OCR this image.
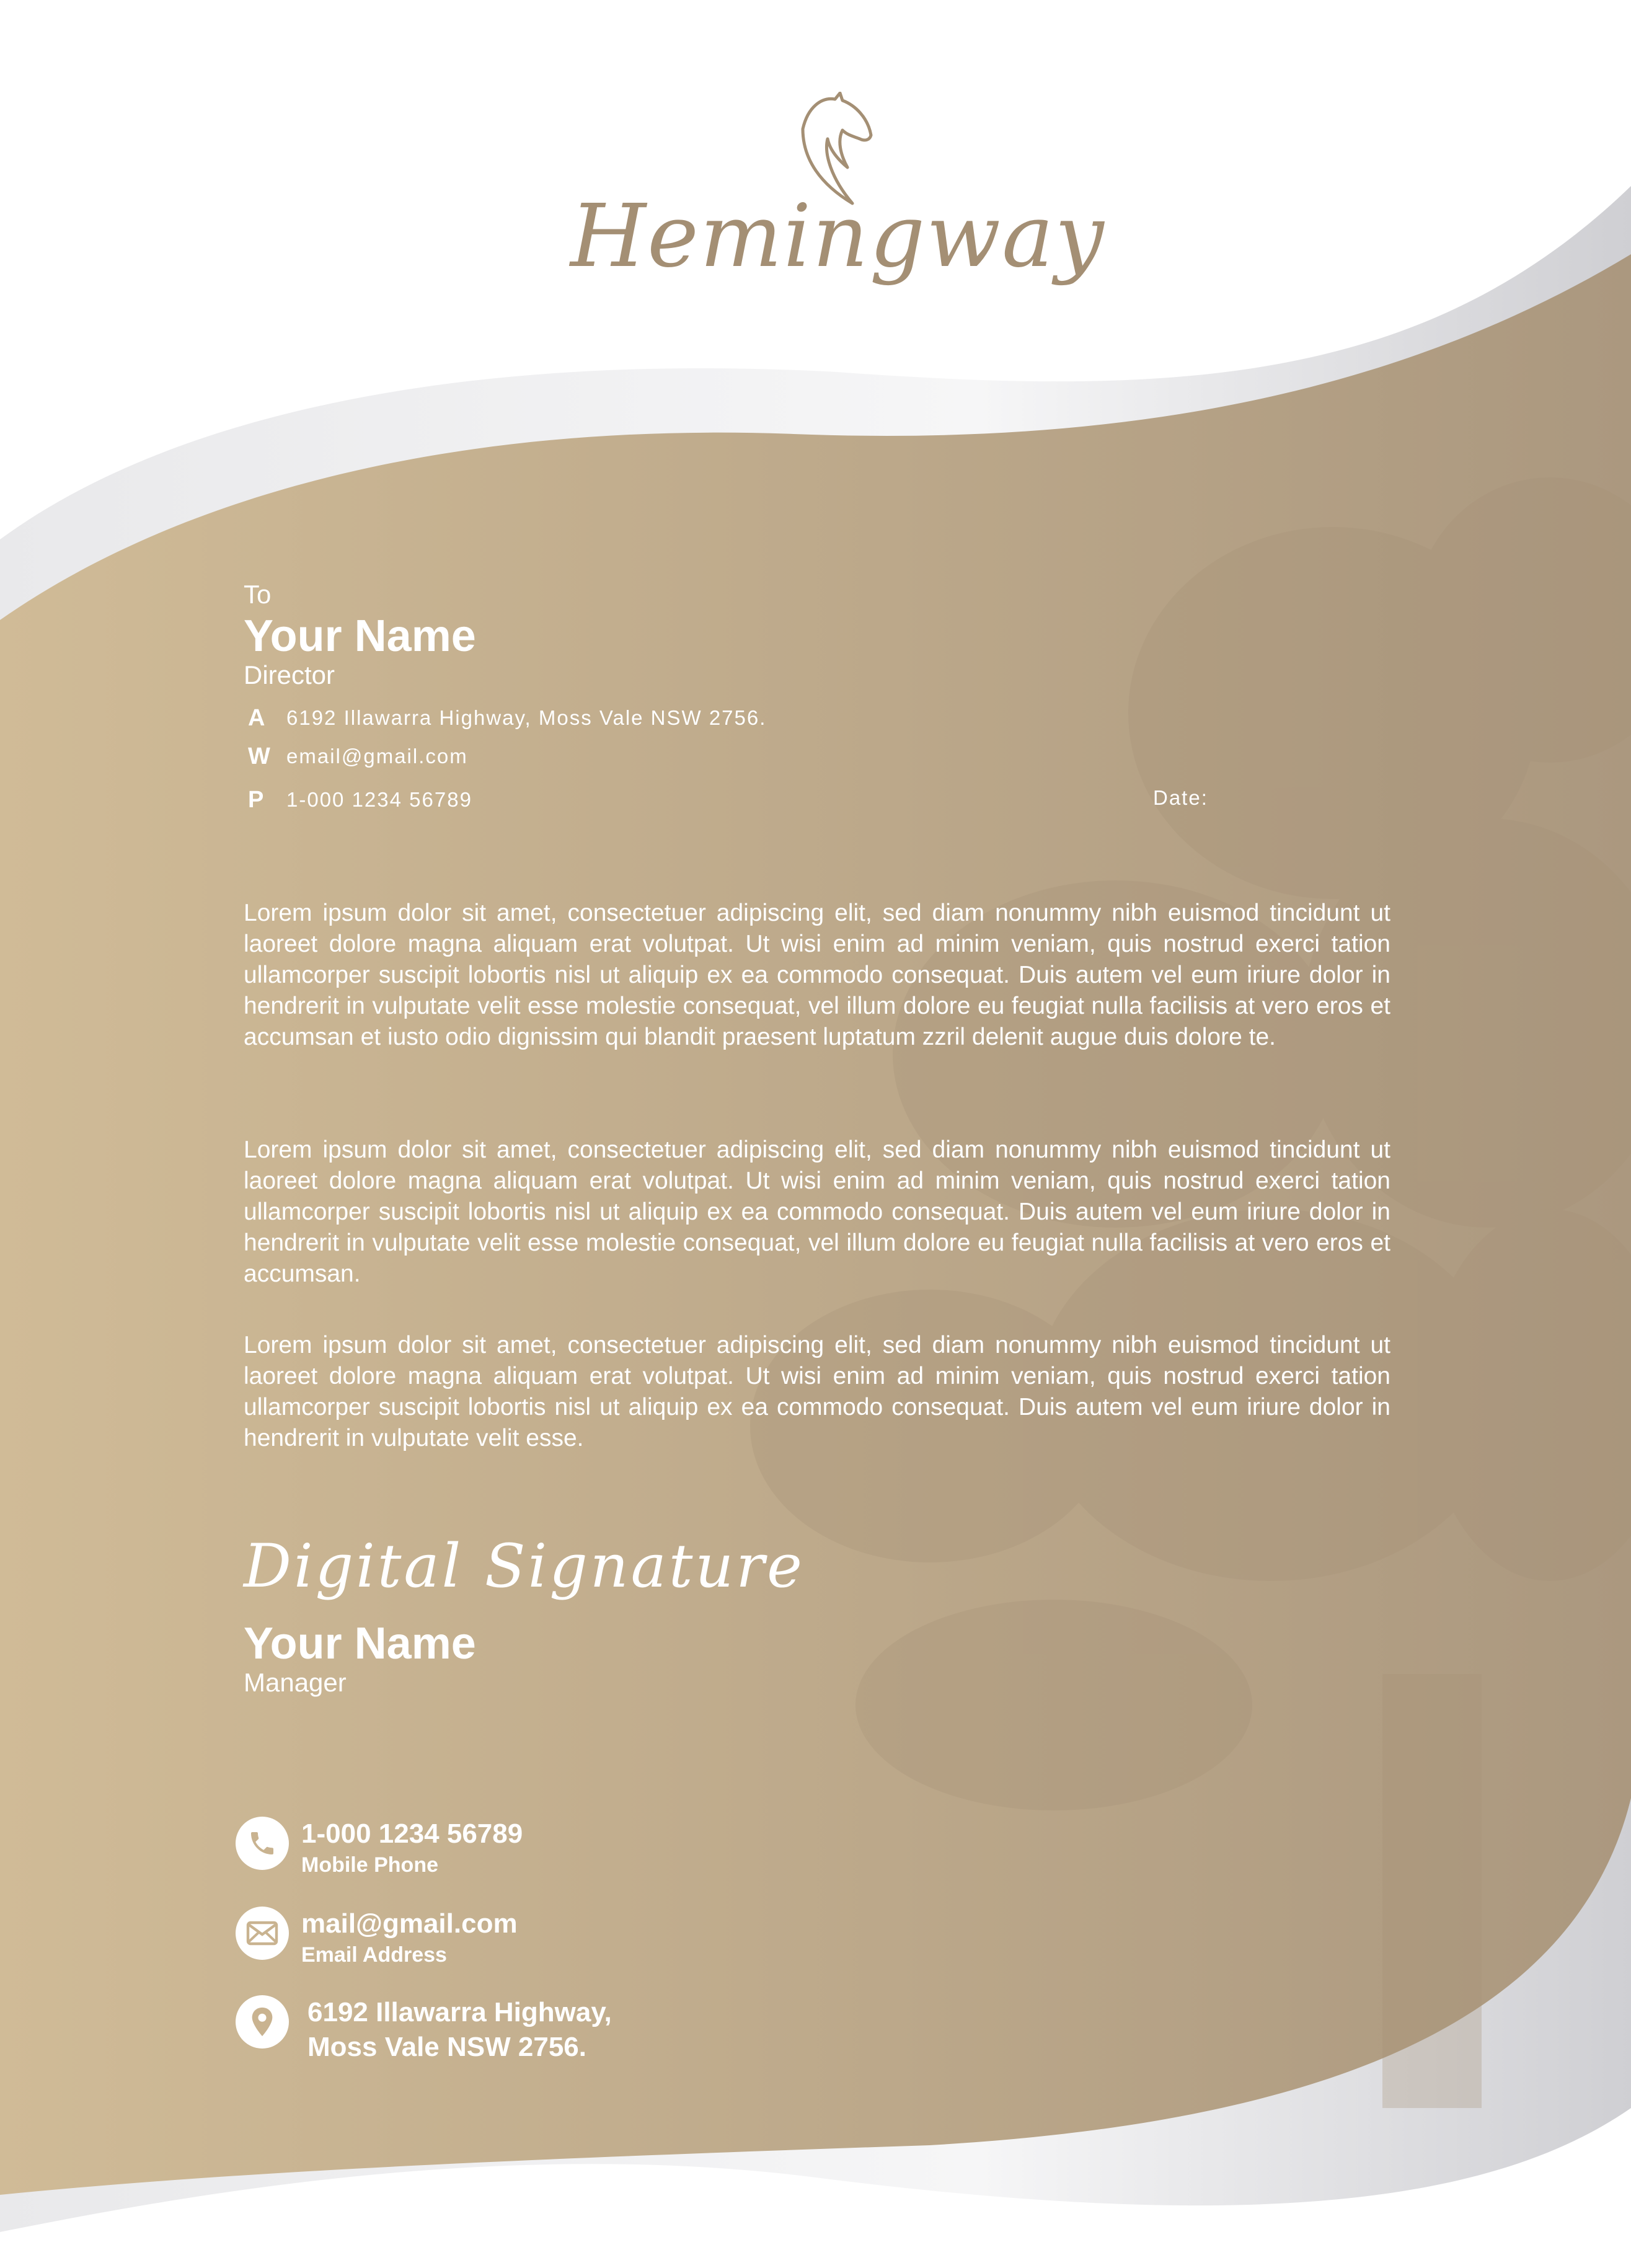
Hemingway
To
Your Name
Director
A	6192 Illawarra Highway, Moss Vale NSW 2756.
W email@gmail.com
P	1-000 1234 56789	Date:

Lorem ipsum dolor sit amet, consectetuer adipiscing elit, sed diam nonummy nibh euismod tincidunt ut laoreet dolore magna aliquam erat volutpat. Ut wisi enim ad minim veniam, quis nostrud exerci tation ullamcorper suscipit lobortis nisl ut aliquip ex ea commodo consequat. Duis autem vel eum iriure dolor in hendrerit in vulputate velit esse molestie consequat, vel illum dolore eu feugiat nulla facilisis at vero eros et accumsan et iusto odio dignissim qui blandit praesent luptatum zzril delenit augue duis dolore te.

Lorem ipsum dolor sit amet, consectetuer adipiscing elit, sed diam nonummy nibh euismod tincidunt ut laoreet dolore magna aliquam erat volutpat. Ut wisi enim ad minim veniam, quis nostrud exerci tation ullamcorper suscipit lobortis nisl ut aliquip ex ea commodo consequat. Duis autem vel eum iriure dolor in hendrerit in vulputate velit esse molestie consequat, vel illum dolore eu feugiat nulla facilisis at vero eros et accumsan.

Lorem ipsum dolor sit amet, consectetuer adipiscing elit, sed diam nonummy nibh euismod tincidunt ut laoreet dolore magna aliquam erat volutpat. Ut wisi enim ad minim veniam, quis nostrud exerci tation ullamcorper suscipit lobortis nisl ut aliquip ex ea commodo consequat. Duis autem vel eum iriure dolor in hendrerit in vulputate velit esse.

Digital Signature
Your Name
Manager
1-000 1234 56789
Mobile Phone
mail@gmail.com
Email Address
6192 Illawarra Highway,
Moss Vale NSW 2756.
